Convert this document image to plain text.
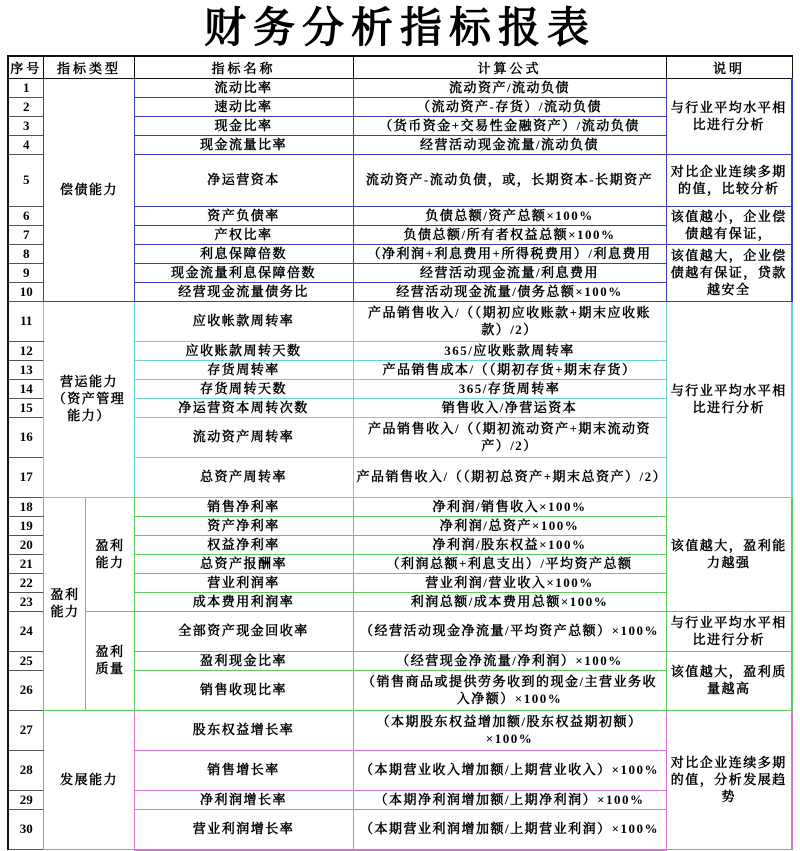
财务分析指标报表
序号	指标类型		指标名称	计算公式	说明
1	偿债能力		流动比率	流动资产/流动负债	与行业平均水平相比进行分析
2			速动比率	（流动资产-存货）/流动负债	
3			现金比率	（货币资金+交易性金融资产）/流动负债	
4			现金流量比率	经营活动现金流量/流动负债	
5			净运营资本	流动资产-流动负债，或，长期资本-长期资产	对比企业连续多期的值，比较分析
6			资产负债率	负债总额/资产总额×100%	该值越小，企业偿债越有保证，
7			产权比率	负债总额/所有者权益总额×100%	
8			利息保障倍数	（净利润+利息费用+所得税费用）/利息费用	该值越大，企业偿债越有保证，贷款越安全
9			现金流量利息保障倍数	经营活动现金流量/利息费用	
10			经营现金流量债务比	经营活动现金流量/债务总额×100%	
11	营运能力（资产管理能力）		应收帐款周转率	产品销售收入/（（期初应收账款+期末应收账款）/2）	与行业平均水平相比进行分析
12			应收账款周转天数	365/应收账款周转率	
13			存货周转率	产品销售成本/（（期初存货+期末存货）	
14			存货周转天数	365/存货周转率	
15			净运营资本周转次数	销售收入/净营运资本	
16			流动资产周转率	产品销售收入/（（期初流动资产+期末流动资产）/2）	
17			总资产周转率	产品销售收入/（（期初总资产+期末总资产）/2）	
18	盈利能力	盈利能力	销售净利率	净利润/销售收入×100%	该值越大，盈利能力越强
19			资产净利率	净利润/总资产×100%	
20			权益净利率	净利润/股东权益×100%	
21			总资产报酬率	（利润总额+利息支出）/平均资产总额	
22			营业利润率	营业利润/营业收入×100%	
23			成本费用利润率	利润总额/成本费用总额×100%	
24		盈利质量	全部资产现金回收率	（经营活动现金净流量/平均资产总额）×100%	与行业平均水平相比进行分析
25			盈利现金比率	（经营现金净流量/净利润）×100%	该值越大，盈利质量越高
26			销售收现比率	（销售商品或提供劳务收到的现金/主营业务收入净额）×100%	
27	发展能力		股东权益增长率	（本期股东权益增加额/股东权益期初额）×100%	对比企业连续多期的值，分析发展趋势
28			销售增长率	（本期营业收入增加额/上期营业收入）×100%	
29			净利润增长率	（本期净利润增加额/上期净利润）×100%	
30			营业利润增长率	（本期营业利润增加额/上期营业利润）×100%	
